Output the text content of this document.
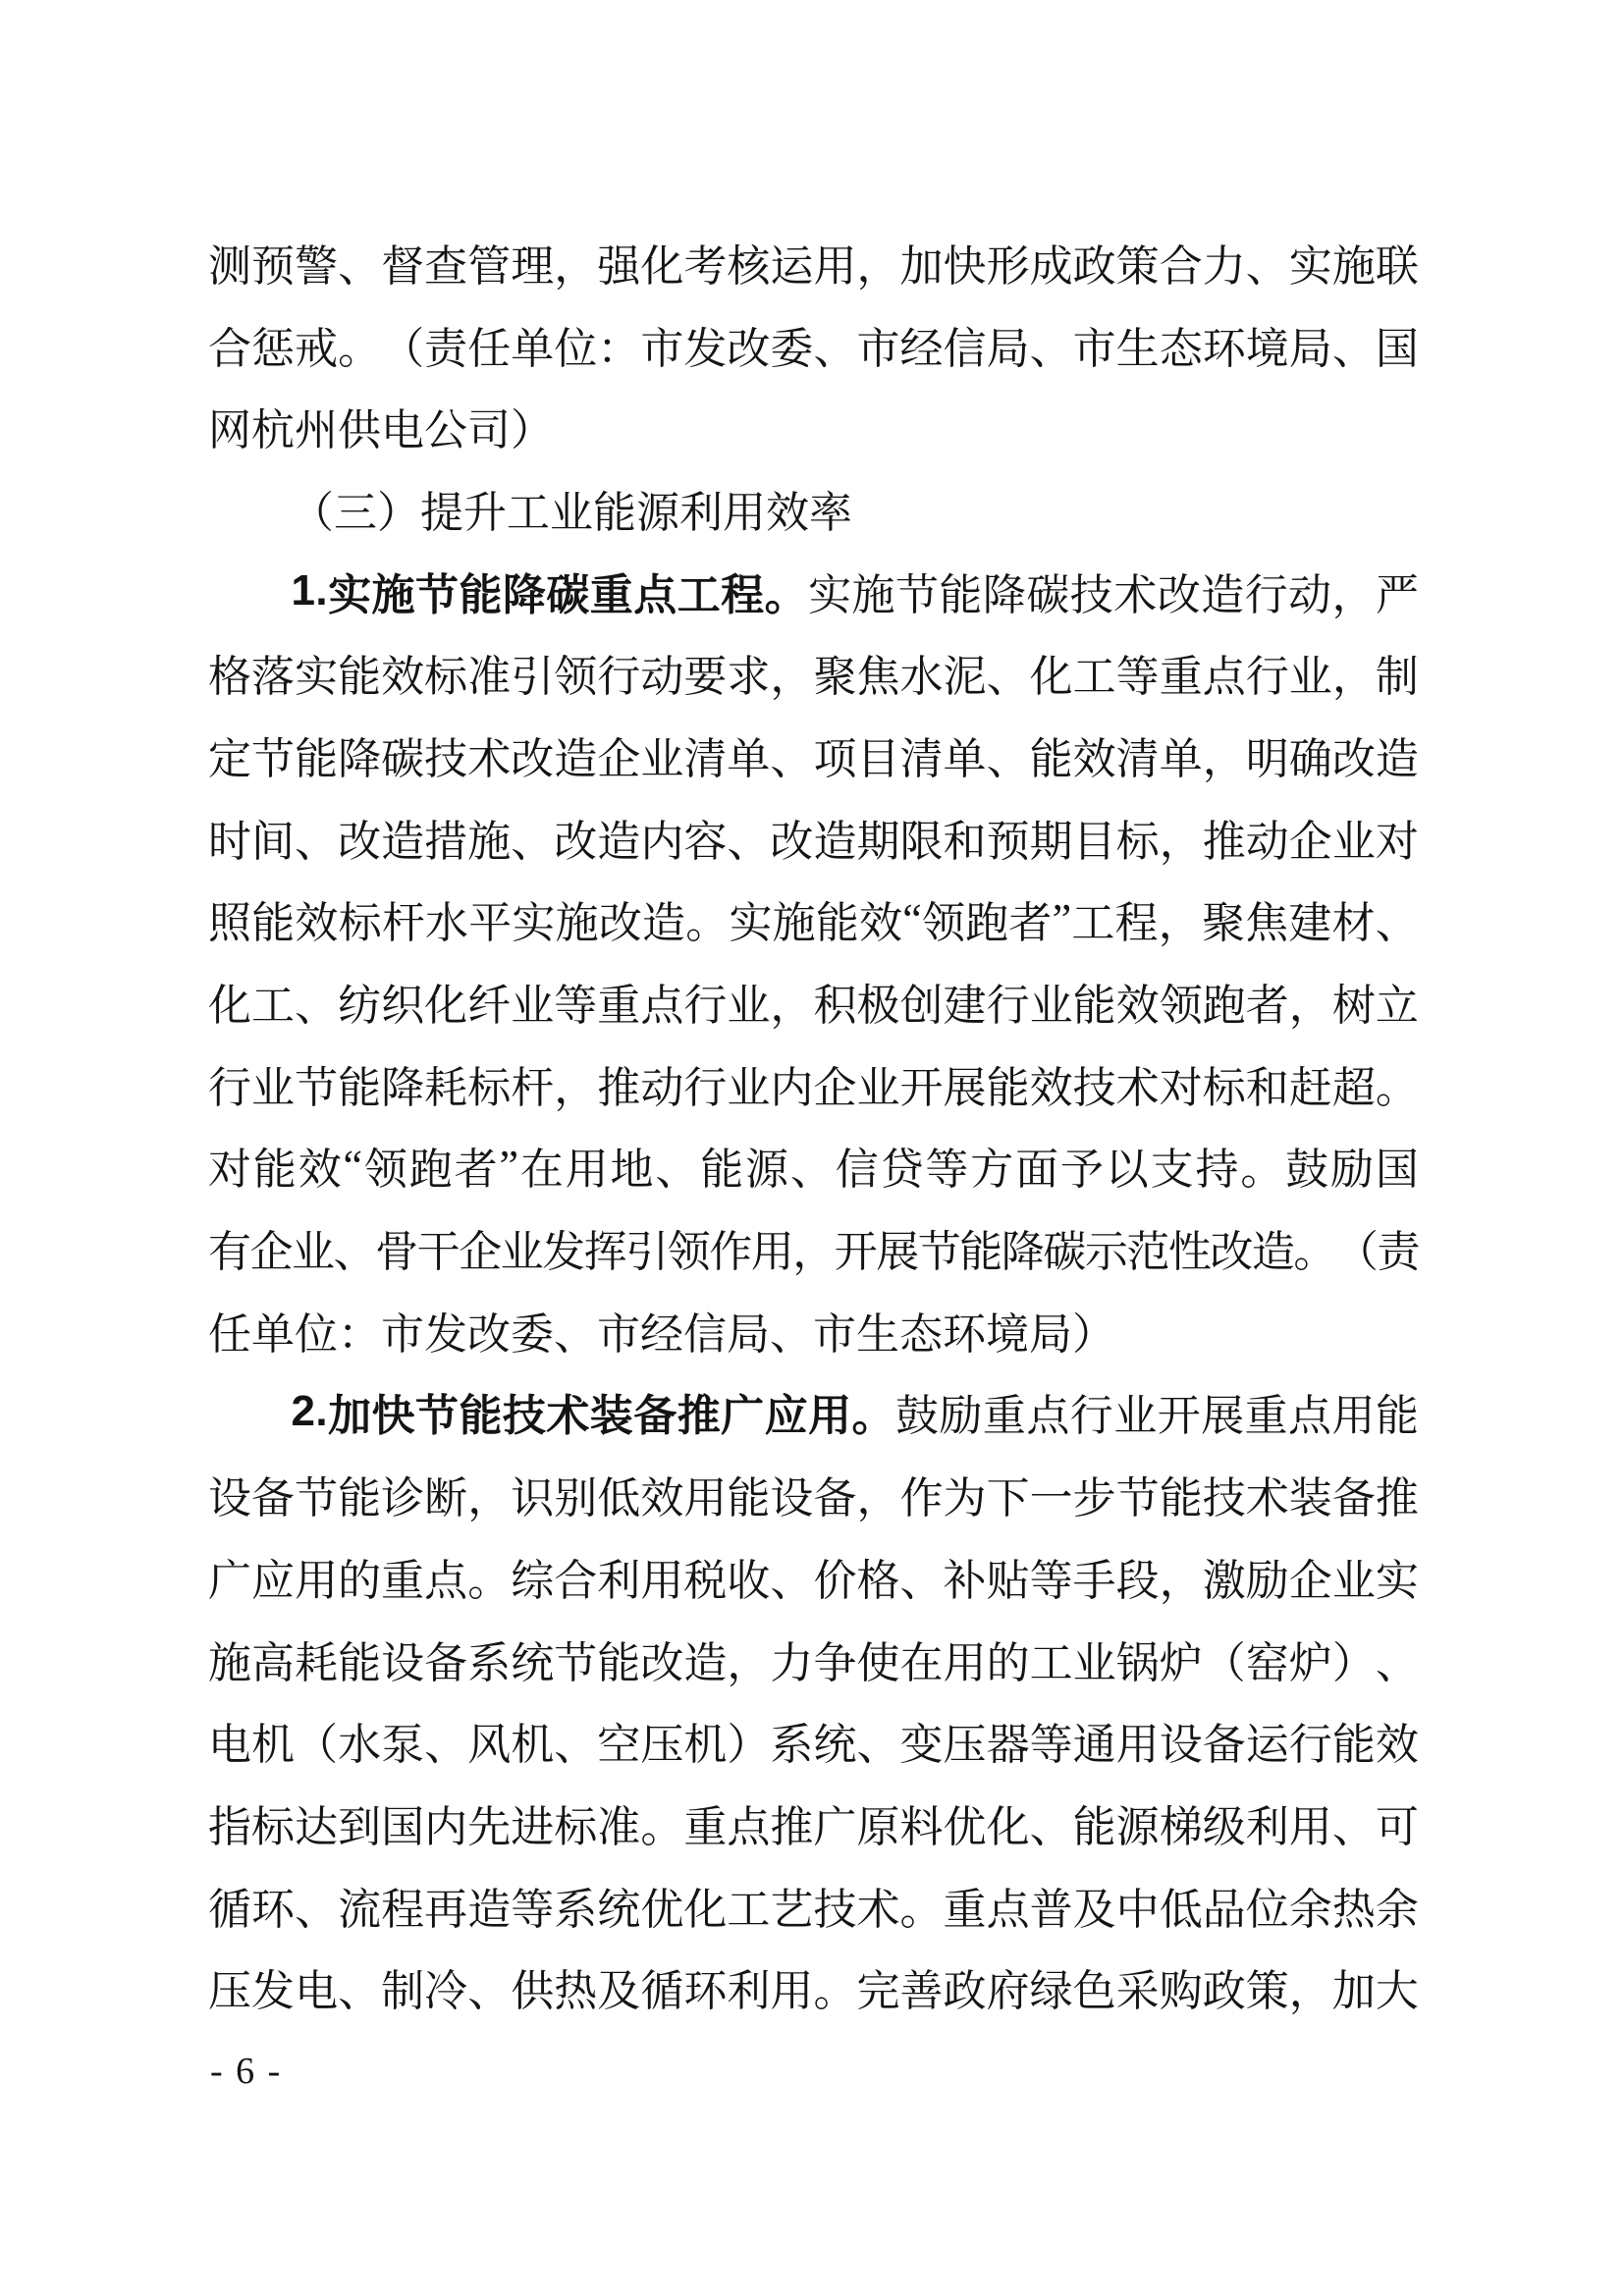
测 预 警 、 督 查 管 理 ， 强 化 考 核 运 用 ， 加 快 形 成 政 策 合 力 、 实 施 联
合 惩 戒 。 （ 责 任 单 位 ： 市 发 改 委 、 市 经 信 局 、 市 生 态 环 境 局 、 国
网 杭 州 供 电 公 司 ）
（ 三 ） 提 升 工 业 能 源 利 用 效 率
1 . 实 施 节 能 降 碳 重 点 工 程 。 实 施 节 能 降 碳 技 术 改 造 行 动 ， 严
格 落 实 能 效 标 准 引 领 行 动 要 求 ， 聚 焦 水 泥 、 化 工 等 重 点 行 业 ， 制
定 节 能 降 碳 技 术 改 造 企 业 清 单 、 项 目 清 单 、 能 效 清 单 ， 明 确 改 造
时 间 、 改 造 措 施 、 改 造 内 容 、 改 造 期 限 和 预 期 目 标 ， 推 动 企 业 对
照 能 效 标 杆 水 平 实 施 改 造 。 实 施 能 效 “ 领 跑 者 ” 工 程 ， 聚 焦 建 材 、
化 工 、 纺 织 化 纤 业 等 重 点 行 业 ， 积 极 创 建 行 业 能 效 领 跑 者 ， 树 立
行 业 节 能 降 耗 标 杆 ， 推 动 行 业 内 企 业 开 展 能 效 技 术 对 标 和 赶 超 。
对 能 效 “ 领 跑 者 ” 在 用 地 、 能 源 、 信 贷 等 方 面 予 以 支 持 。 鼓 励 国
有
企
业
、
骨
干
企
业
发
挥
引
领
作
用
，
开
展
节
能
降
碳
示
范
性
改
造
。
（
责
任 单 位 ： 市 发 改 委 、 市 经 信 局 、 市 生 态 环 境 局 ）
2 . 加 快 节 能 技 术 装 备 推 广 应 用 。 鼓 励 重 点 行 业 开 展 重 点 用 能
设 备 节 能 诊 断 ， 识 别 低 效 用 能 设 备 ， 作 为 下 一 步 节 能 技 术 装 备 推
广 应 用 的 重 点 。 综 合 利 用 税 收 、 价 格 、 补 贴 等 手 段 ， 激 励 企 业 实
施 高 耗 能 设 备 系 统 节 能 改 造 ， 力 争 使 在 用 的 工 业 锅 炉 （ 窑 炉 ） 、
电 机 （ 水 泵 、 风 机 、 空 压 机 ） 系 统 、 变 压 器 等 通 用 设 备 运 行 能 效
指 标 达 到 国 内 先 进 标 准 。 重 点 推 广 原 料 优 化 、 能 源 梯 级 利 用 、 可
循 环 、 流 程 再 造 等 系 统 优 化 工 艺 技 术 。 重 点 普 及 中 低 品 位 余 热 余
压 发 电 、 制 冷 、 供 热 及 循 环 利 用 。 完 善 政 府 绿 色 采 购 政 策 ， 加 大
- 6 -
